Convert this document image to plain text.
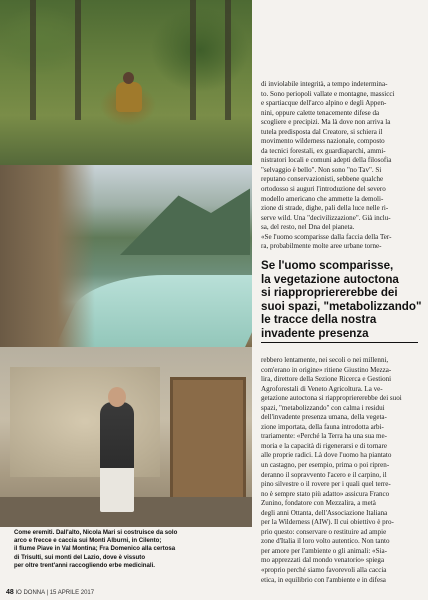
Come eremiti. Dall'alto, Nicola Mari si costruisce da solo
arco e frecce e caccia sui Monti Alburni, in Cilento;
il fiume Piave in Val Montina; Fra Domenico alla certosa
di Trisulti, sui monti del Lazio, dove è vissuto
per oltre trent'anni raccogliendo erbe medicinali.

di inviolabile integrità, a tempo indetermina-
to. Sono periopoli vallate e montagne, massicci
e spartiacque dell'arco alpino e degli Appen-
nini, oppure calette tenacemente difese da
scogliere e precipizi. Ma là dove non arriva la
tutela predisposta dal Creatore, si schiera il
movimento wilderness nazionale, composto
da tecnici forestali, ex guardiaparchi, ammi-
nistratori locali e comuni adepti della filosofia
"selvaggio è bello". Non sono "no Tav". Si
reputano conservazionisti, sebbene qualche
ortodosso si auguri l'introduzione del severo
modello americano che ammette la demoli-
zione di strade, dighe, pali della luce nelle ri-
serve wild. Una "decivilizzazione". Già inclu-
sa, del resto, nel Dna del pianeta.
«Se l'uomo scomparisse dalla faccia della Ter-
ra, probabilmente molte aree urbane torne-

Se l'uomo scomparisse,
la vegetazione autoctona
si riappropriererebbe dei
suoi spazi, "metabolizzando"
le tracce della nostra
invadente presenza

rebbero lentamente, nei secoli o nei millenni,
com'erano in origine» ritiene Giustino Mezza-
lira, direttore della Sezione Ricerca e Gestioni
Agroforestali di Veneto Agricoltura. La ve-
getazione autoctona si riappropriererebbe dei suoi
spazi, "metabolizzando" con calma i residui
dell'invadente presenza umana, della vegeta-
zione importata, della fauna introdotta arbi-
trariamente: «Perché la Terra ha una sua me-
moria e la capacità di rigenerarsi e di tornare
alle proprie radici. Là dove l'uomo ha piantato
un castagno, per esempio, prima o poi ripren-
deranno il sopravvento l'acero e il carpino, il
pino silvestre o il rovere per i quali quel terre-
no è sempre stato più adatto» assicura Franco
Zunino, fondatore con Mezzalira, a metà
degli anni Ottanta, dell'Associazione Italiana
per la Wilderness (AIW). Il cui obiettivo è pro-
prio questo: conservare o restituire ad ampie
zone d'Italia il loro volto autentico. Non tanto
per amore per l'ambiente o gli animali: «Sia-
mo apprezzati dal mondo venatorio» spiega
«proprio perché siamo favorevoli alla caccia
etica, in equilibrio con l'ambiente e in difesa

48 IO DONNA | 15 APRILE 2017
